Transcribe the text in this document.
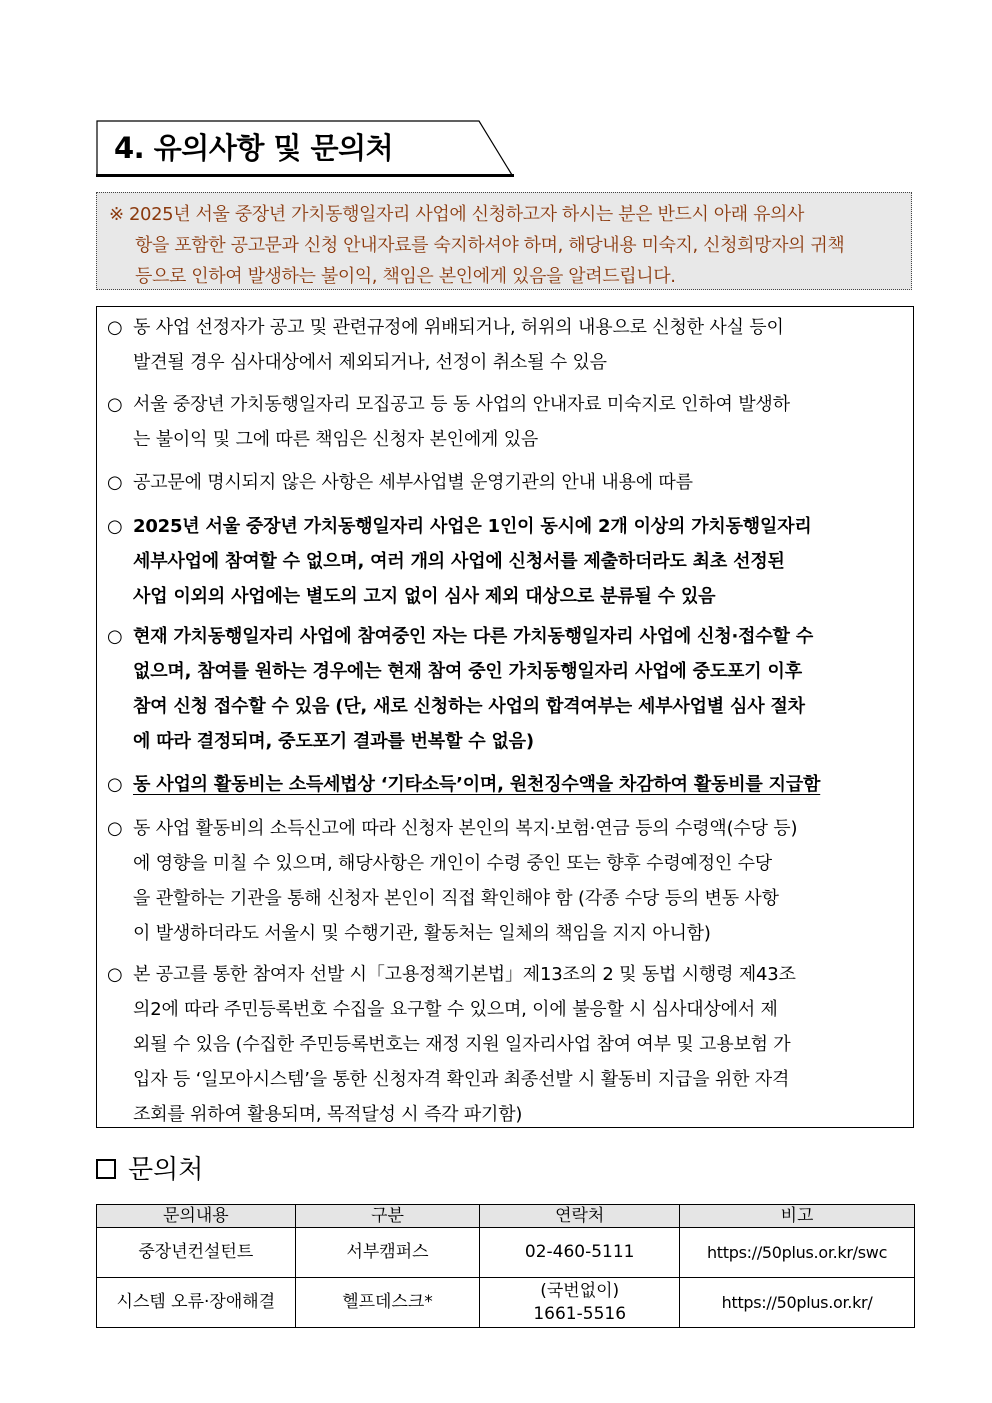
4. 유의사항 및 문의처
※ 2025년 서울 중장년 가치동행일자리 사업에 신청하고자 하시는 분은 반드시 아래 유의사
항을 포함한 공고문과 신청 안내자료를 숙지하셔야 하며, 해당내용 미숙지, 신청희망자의 귀책
등으로 인하여 발생하는 불이익, 책임은 본인에게 있음을 알려드립니다.
○ 동 사업 선정자가 공고 및 관련규정에 위배되거나, 허위의 내용으로 신청한 사실 등이
발견될 경우 심사대상에서 제외되거나, 선정이 취소될 수 있음
○ 서울 중장년 가치동행일자리 모집공고 등 동 사업의 안내자료 미숙지로 인하여 발생하
는 불이익 및 그에 따른 책임은 신청자 본인에게 있음
○ 공고문에 명시되지 않은 사항은 세부사업별 운영기관의 안내 내용에 따름
○ 2025년 서울 중장년 가치동행일자리 사업은 1인이 동시에 2개 이상의 가치동행일자리
세부사업에 참여할 수 없으며, 여러 개의 사업에 신청서를 제출하더라도 최초 선정된
사업 이외의 사업에는 별도의 고지 없이 심사 제외 대상으로 분류될 수 있음
○ 현재 가치동행일자리 사업에 참여중인 자는 다른 가치동행일자리 사업에 신청·접수할 수
없으며, 참여를 원하는 경우에는 현재 참여 중인 가치동행일자리 사업에 중도포기 이후
참여 신청 접수할 수 있음 (단, 새로 신청하는 사업의 합격여부는 세부사업별 심사 절차
에 따라 결정되며, 중도포기 결과를 번복할 수 없음)
○ 동 사업의 활동비는 소득세법상 ‘기타소득’이며, 원천징수액을 차감하여 활동비를 지급함
○ 동 사업 활동비의 소득신고에 따라 신청자 본인의 복지·보험·연금 등의 수령액(수당 등)
에 영향을 미칠 수 있으며, 해당사항은 개인이 수령 중인 또는 향후 수령예정인 수당
을 관할하는 기관을 통해 신청자 본인이 직접 확인해야 함 (각종 수당 등의 변동 사항
이 발생하더라도 서울시 및 수행기관, 활동처는 일체의 책임을 지지 아니함)
○ 본 공고를 통한 참여자 선발 시「고용정책기본법」제13조의 2 및 동법 시행령 제43조
의2에 따라 주민등록번호 수집을 요구할 수 있으며, 이에 불응할 시 심사대상에서 제
외될 수 있음 (수집한 주민등록번호는 재정 지원 일자리사업 참여 여부 및 고용보험 가
입자 등 ‘일모아시스템’을 통한 신청자격 확인과 최종선발 시 활동비 지급을 위한 자격
조회를 위하여 활용되며, 목적달성 시 즉각 파기함)
문의처
문의내용	구분	연락처	비고
중장년컨설턴트	서부캠퍼스	02-460-5111	https://50plus.or.kr/swc
시스템 오류·장애해결	헬프데스크*	(국번없이)
1661-5516	https://50plus.or.kr/
